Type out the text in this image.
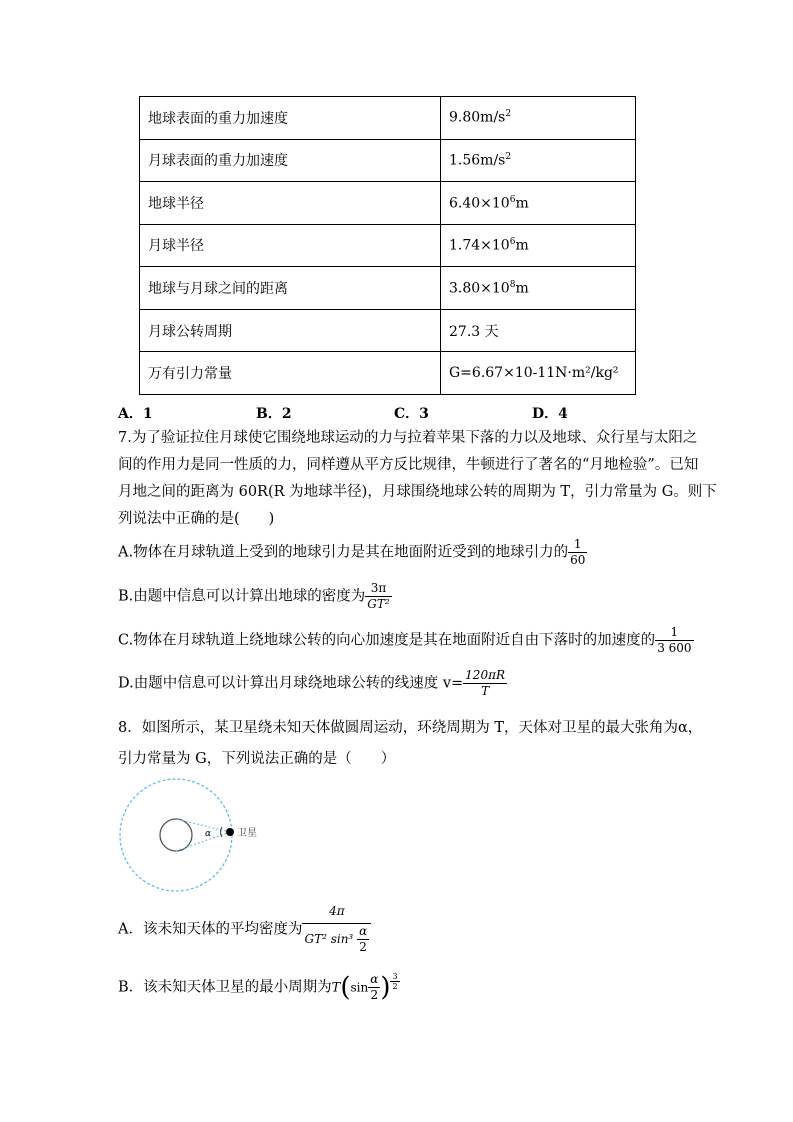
地球表面的重力加速度	$9.80m/s^2$
月球表面的重力加速度	$1.56m/s^2$
地球半径	$6.40\times 10^6m$
月球半径	$1.74\times 10^6m$
地球与月球之间的距离	$3.80\times 10^8m$
月球公转周期	27.3 天
万有引力常量	G=6.67×10-11N·m²/kg²
A．1	B．2	C．3	D．4
7.为了验证拉住月球使它围绕地球运动的力与拉着苹果下落的力以及地球、众行星与太阳之
间的作用力是同一性质的力，同样遵从平方反比规律，牛顿进行了著名的“月地检验”。已知
月地之间的距离为 60R(R 为地球半径)，月球围绕地球公转的周期为 T，引力常量为 G。则下
列说法中正确的是(　　)
A.物体在月球轨道上受到的地球引力是其在地面附近受到的地球引力的 $\frac{1}{60}$
B.由题中信息可以计算出地球的密度为 $\frac{3\pi}{\text{GT²}}$
C.物体在月球轨道上绕地球公转的向心加速度是其在地面附近自由下落时的加速度的 $\frac{1}{3 600}$
D.由题中信息可以计算出月球绕地球公转的线速度 $v= \frac{120\pi R}{T}$
8．如图所示，某卫星绕未知天体做圆周运动，环绕周期为 T，天体对卫星的最大张角为α，
引力常量为 G，下列说法正确的是（　　）
α	卫星
A．该未知天体的平均密度为 $\frac{4\pi}{GT^2 \sin^3 \frac{\alpha}{2}}$
B．该未知天体卫星的最小周期为$T(\sin \frac{\alpha}{2}$ ) $\frac{3}{2}$
